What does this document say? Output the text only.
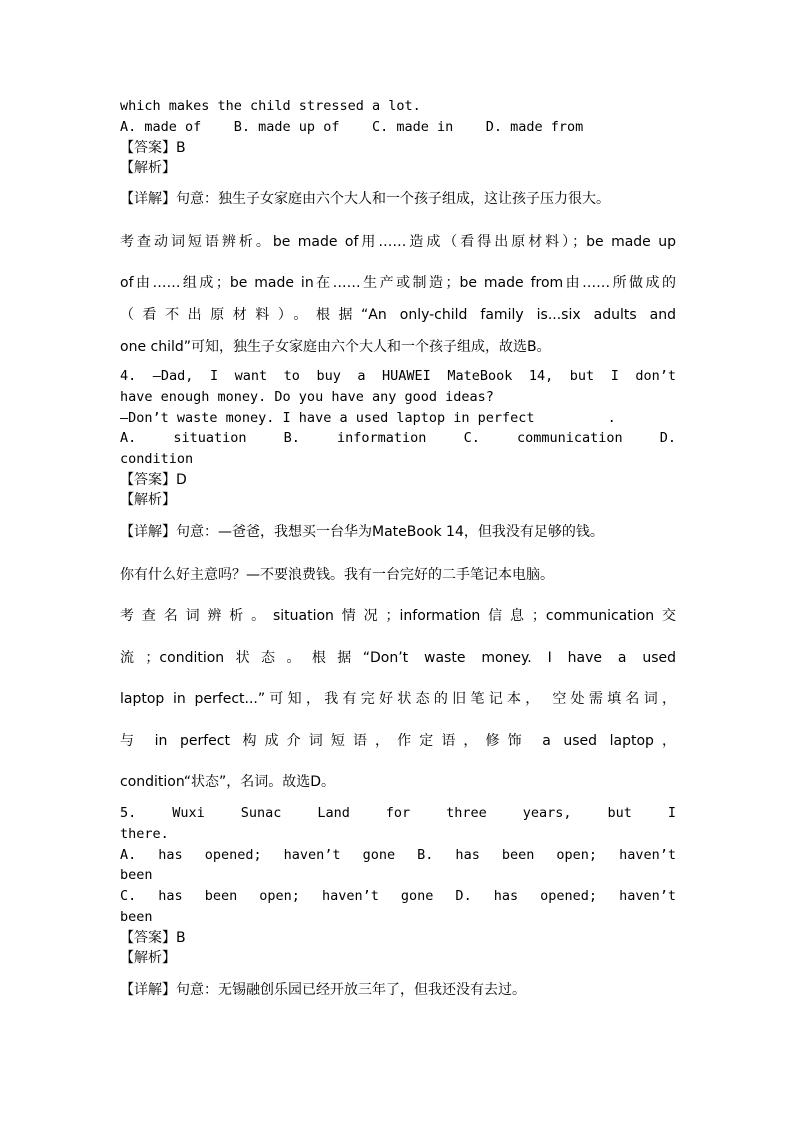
which makes the child stressed a lot.
A. made of    B. made up of    C. made in    D. made from
【答案】B
【解析】
【详解】句意：独生子女家庭由六个大人和一个孩子组成，这让孩子压力很大。
考查动词短语辨析。be made of用……造成（看得出原材料）；be made up
of由……组成；be made in在……生产或制造；be made from由……所做成的
（看不出原材料）。根据“An only-child family is...six adults and
one child”可知，独生子女家庭由六个大人和一个孩子组成，故选B。
4. —Dad, I want to buy a HUAWEI MateBook 14, but I don’t
have enough money. Do you have any good ideas?
—Don’t waste money. I have a used laptop in perfect         .
A. situation B. information C. communication D.
condition
【答案】D
【解析】
【详解】句意：—爸爸，我想买一台华为MateBook 14，但我没有足够的钱。
你有什么好主意吗？—不要浪费钱。我有一台完好的二手笔记本电脑。
考查名词辨析。situation情况；information信息；communication交
流；condition状态。根据“Don’t waste money. I have a used
laptop in perfect...”可知，我有完好状态的旧笔记本， 空处需填名词，
与 in perfect 构成介词短语，作定语，修饰 a used laptop，
condition“状态”，名词。故选D。
5. Wuxi Sunac Land for three years, but I
there.
A. has opened; haven’t gone B. has been open; haven’t
been
C. has been open; haven’t gone D. has opened; haven’t
been
【答案】B
【解析】
【详解】句意：无锡融创乐园已经开放三年了，但我还没有去过。
